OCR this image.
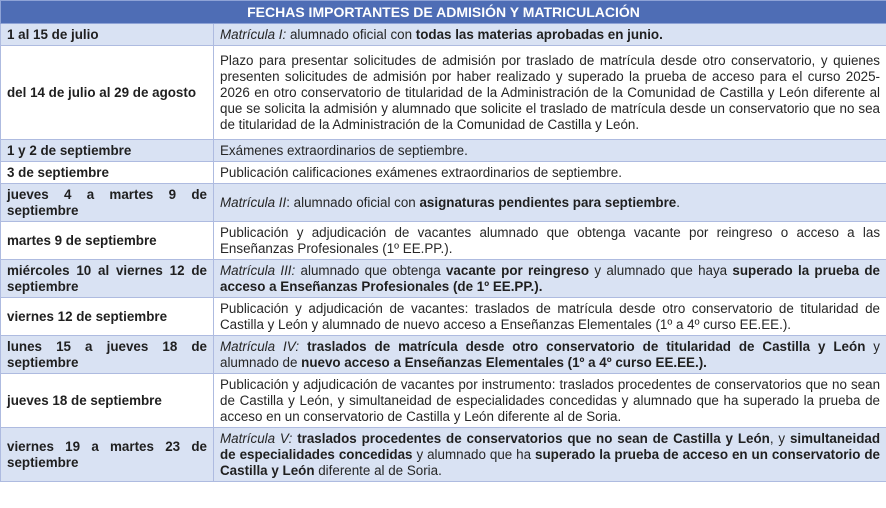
FECHAS IMPORTANTES DE ADMISIÓN Y MATRICULACIÓN	
1 al 15 de julio	Matrícula I: alumnado oficial con todas las materias aprobadas en junio.
del 14 de julio al 29 de agosto	Plazo para presentar solicitudes de admisión por traslado de matrícula desde otro conservatorio, y quienes presenten solicitudes de admisión por haber realizado y superado la prueba de acceso para el curso 2025-2026 en otro conservatorio de titularidad de la Administración de la Comunidad de Castilla y León diferente al que se solicita la admisión y alumnado que solicite el traslado de matrícula desde un conservatorio que no sea de titularidad de la Administración de la Comunidad de Castilla y León.
1 y 2 de septiembre	Exámenes extraordinarios de septiembre.
3 de septiembre	Publicación calificaciones exámenes extraordinarios de septiembre.
jueves 4 a martes 9 de septiembre	Matrícula II: alumnado oficial con asignaturas pendientes para septiembre.
martes 9 de septiembre	Publicación y adjudicación de vacantes alumnado que obtenga vacante por reingreso o acceso a las Enseñanzas Profesionales (1º EE.PP.).
miércoles 10 al viernes 12 de septiembre	Matrícula III: alumnado que obtenga vacante por reingreso y alumnado que haya superado la prueba de acceso a Enseñanzas Profesionales (de 1º EE.PP.).
viernes 12 de septiembre	Publicación y adjudicación de vacantes: traslados de matrícula desde otro conservatorio de titularidad de Castilla y León y alumnado de nuevo acceso a Enseñanzas Elementales (1º a 4º curso EE.EE.).
lunes 15 a jueves 18 de septiembre	Matrícula IV: traslados de matrícula desde otro conservatorio de titularidad de Castilla y León y alumnado de nuevo acceso a Enseñanzas Elementales (1º a 4º curso EE.EE.).
jueves 18 de septiembre	Publicación y adjudicación de vacantes por instrumento: traslados procedentes de conservatorios que no sean de Castilla y León, y simultaneidad de especialidades concedidas y alumnado que ha superado la prueba de acceso en un conservatorio de Castilla y León diferente al de Soria.
viernes 19 a martes 23 de septiembre	Matrícula V: traslados procedentes de conservatorios que no sean de Castilla y León, y simultaneidad de especialidades concedidas y alumnado que ha superado la prueba de acceso en un conservatorio de Castilla y León diferente al de Soria.
